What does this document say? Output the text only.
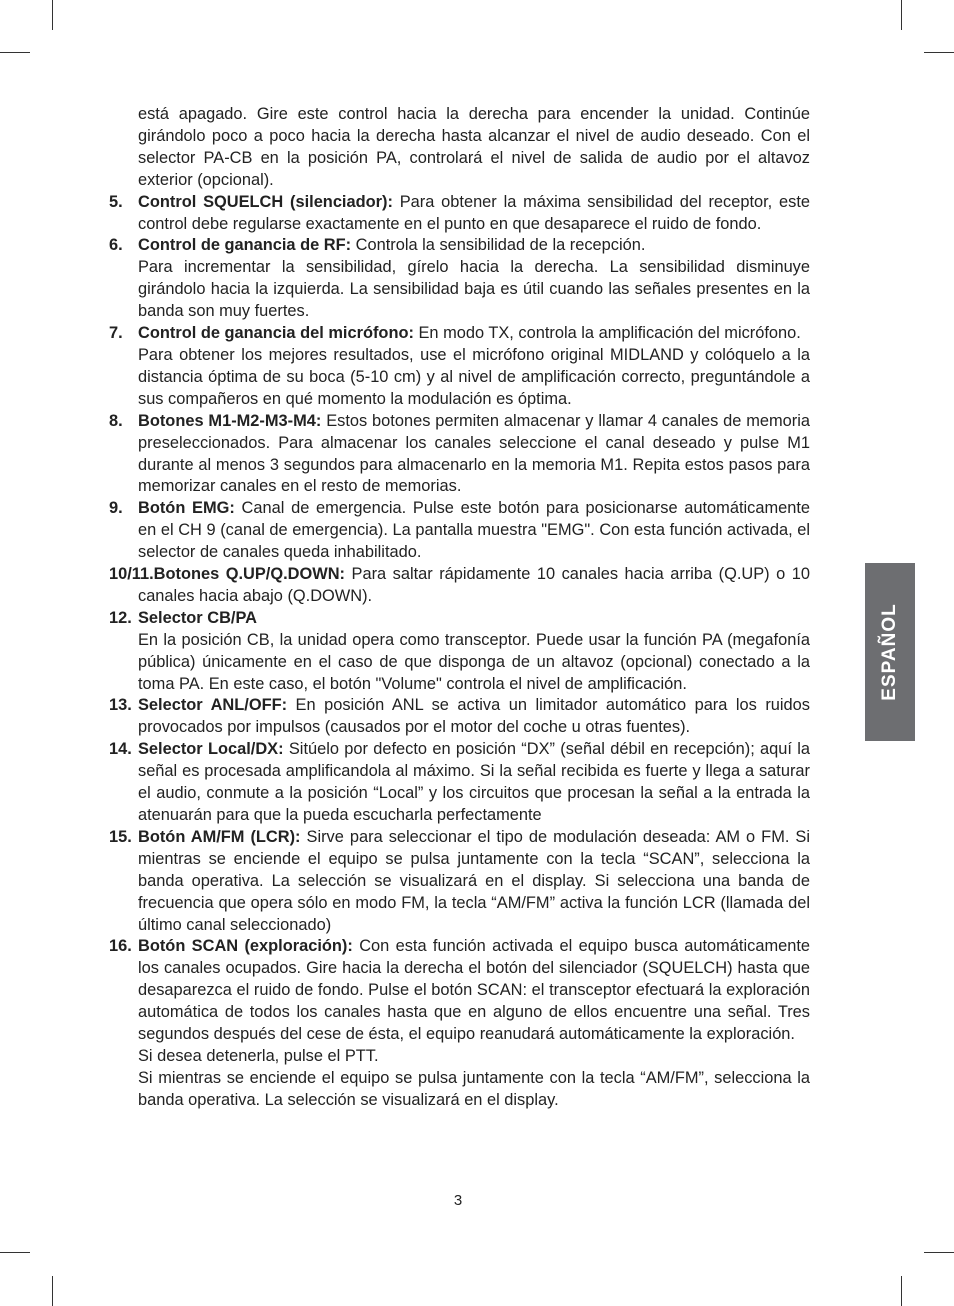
está apagado. Gire este control hacia la derecha para encender la unidad. Continúe girándolo poco a poco hacia la derecha hasta alcanzar el nivel de audio deseado. Con el selector PA-CB en la posición PA, controlará el nivel de salida de audio por el altavoz exterior (opcional).

5. Control SQUELCH (silenciador): Para obtener la máxima sensibilidad del receptor, este control debe regularse exactamente en el punto en que desaparece el ruido de fondo.

6. Control de ganancia de RF: Controla la sensibilidad de la recepción.

Para incrementar la sensibilidad, gírelo hacia la derecha. La sensibilidad disminuye girándolo hacia la izquierda. La sensibilidad baja es útil cuando las señales presentes en la banda son muy fuertes.

7. Control de ganancia del micrófono: En modo TX, controla la amplificación del micrófono.

Para obtener los mejores resultados, use el micrófono original MIDLAND y colóquelo a la distancia óptima de su boca (5-10 cm) y al nivel de amplificación correcto, preguntándole a sus compañeros en qué momento la modulación es óptima.

8. Botones M1-M2-M3-M4: Estos botones permiten almacenar y llamar 4 canales de memoria preseleccionados. Para almacenar los canales seleccione el canal deseado y pulse M1 durante al menos 3 segundos para almacenarlo en la memoria M1. Repita estos pasos para memorizar canales en el resto de memorias.

9. Botón EMG: Canal de emergencia. Pulse este botón para posicionarse automáticamente en el CH 9 (canal de emergencia). La pantalla muestra "EMG". Con esta función activada, el selector de canales queda inhabilitado.

10/11.Botones Q.UP/Q.DOWN: Para saltar rápidamente 10 canales hacia arriba (Q.UP) o 10 canales hacia abajo (Q.DOWN).

12. Selector CB/PA

En la posición CB, la unidad opera como transceptor. Puede usar la función PA (megafonía pública) únicamente en el caso de que disponga de un altavoz (opcional) conectado a la toma PA. En este caso, el botón "Volume" controla el nivel de amplificación.

13. Selector ANL/OFF: En posición ANL se activa un limitador automático para los ruidos provocados por impulsos (causados por el motor del coche u otras fuentes).

14. Selector Local/DX: Sitúelo por defecto en posición “DX” (señal débil en recepción); aquí la señal es procesada amplificandola al máximo. Si la señal recibida es fuerte y llega a saturar el audio, conmute a la posición “Local” y los circuitos que procesan la señal a la entrada la atenuarán para que la pueda escucharla perfectamente

15. Botón AM/FM (LCR): Sirve para seleccionar el tipo de modulación deseada: AM o FM. Si mientras se enciende el equipo se pulsa juntamente con la tecla “SCAN”, selecciona la banda operativa. La selección se visualizará en el display. Si selecciona una banda de frecuencia que opera sólo en modo FM, la tecla “AM/FM” activa la función LCR (llamada del último canal seleccionado)

16. Botón SCAN (exploración): Con esta función activada el equipo busca automáticamente los canales ocupados. Gire hacia la derecha el botón del silenciador (SQUELCH) hasta que desaparezca el ruido de fondo. Pulse el botón SCAN: el transceptor efectuará la exploración automática de todos los canales hasta que en alguno de ellos encuentre una señal. Tres segundos después del cese de ésta, el equipo reanudará automáticamente la exploración.

Si desea detenerla, pulse el PTT.

Si mientras se enciende el equipo se pulsa juntamente con la tecla “AM/FM”, selecciona la banda operativa. La selección se visualizará en el display.

3
ESPAÑOL
